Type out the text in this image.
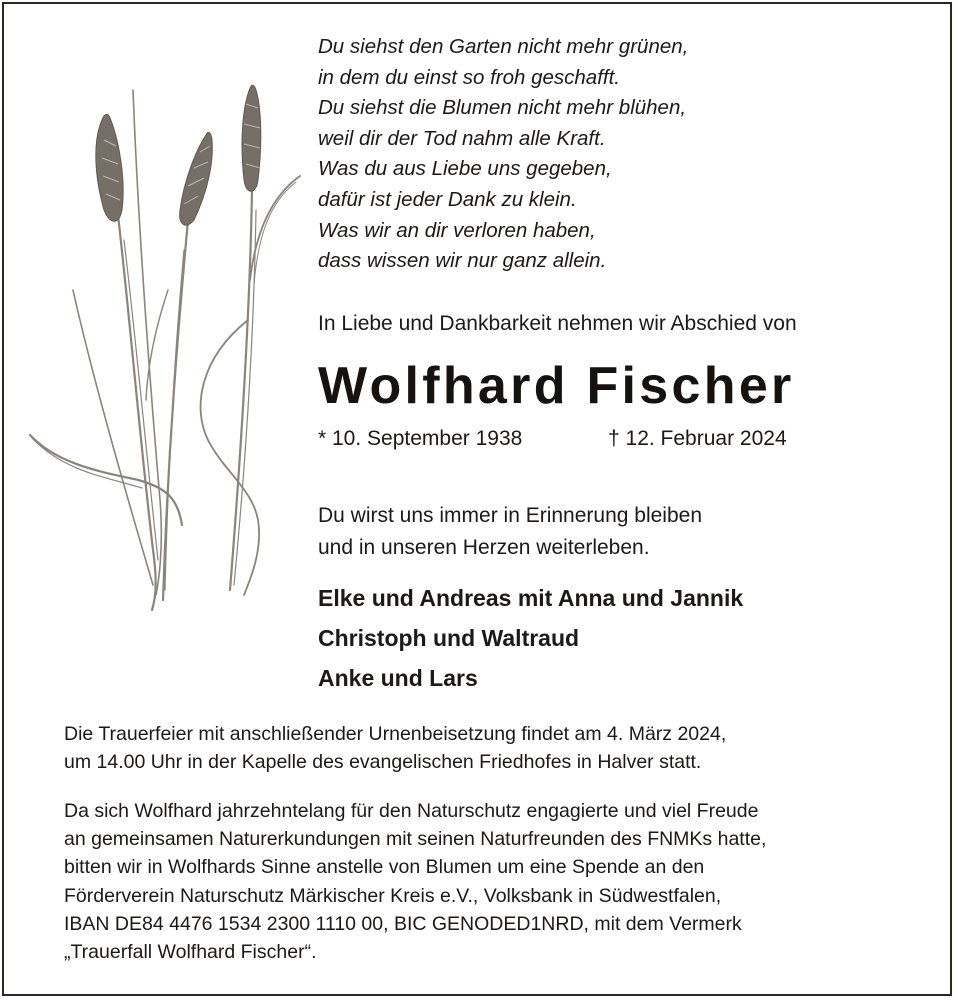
Du siehst den Garten nicht mehr grünen,
in dem du einst so froh geschafft.
Du siehst die Blumen nicht mehr blühen,
weil dir der Tod nahm alle Kraft.
Was du aus Liebe uns gegeben,
dafür ist jeder Dank zu klein.
Was wir an dir verloren haben,
dass wissen wir nur ganz allein.
In Liebe und Dankbarkeit nehmen wir Abschied von
Wolfhard Fischer
* 10. September 1938	† 12. Februar 2024
Du wirst uns immer in Erinnerung bleiben
und in unseren Herzen weiterleben.
Elke und Andreas mit Anna und Jannik
Christoph und Waltraud
Anke und Lars
Die Trauerfeier mit anschließender Urnenbeisetzung findet am 4. März 2024,
um 14.00 Uhr in der Kapelle des evangelischen Friedhofes in Halver statt.
Da sich Wolfhard jahrzehntelang für den Naturschutz engagierte und viel Freude
an gemeinsamen Naturerkundungen mit seinen Naturfreunden des FNMKs hatte,
bitten wir in Wolfhards Sinne anstelle von Blumen um eine Spende an den
Förderverein Naturschutz Märkischer Kreis e.V., Volksbank in Südwestfalen,
IBAN DE84 4476 1534 2300 1110 00, BIC GENODED1NRD, mit dem Vermerk
„Trauerfall Wolfhard Fischer“.
